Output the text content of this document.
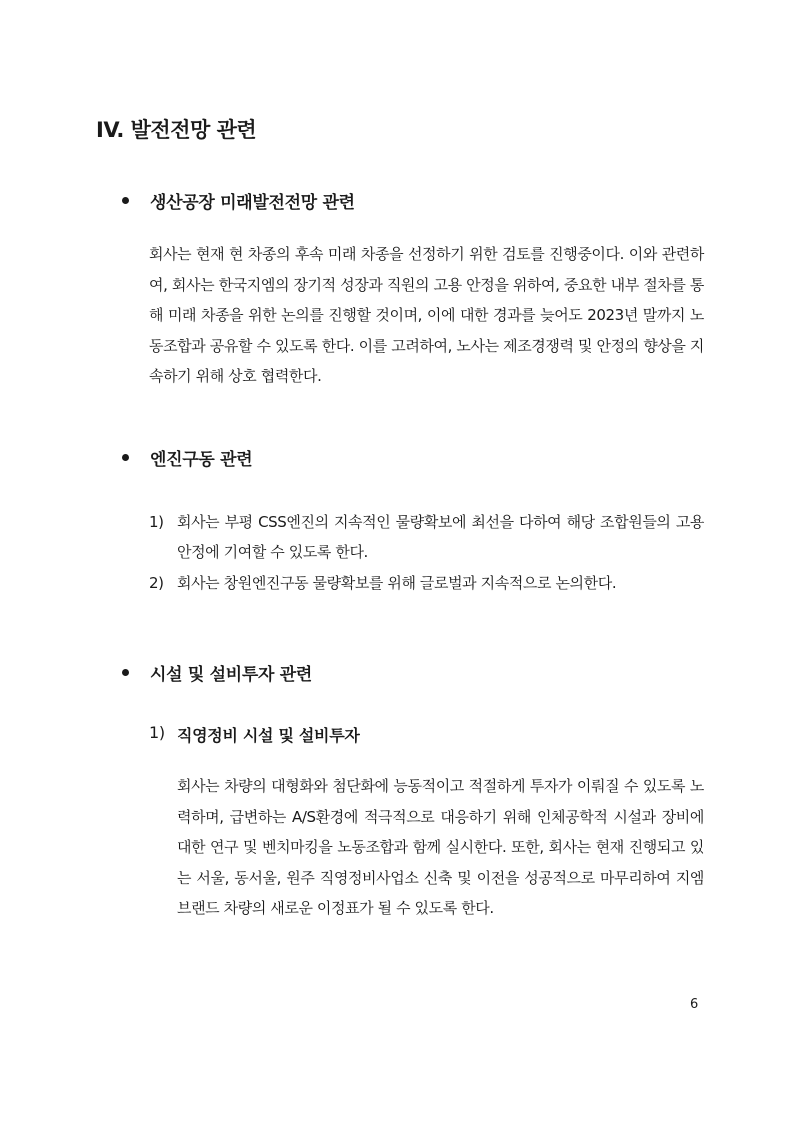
IV. 발전전망 관련
생산공장 미래발전전망 관련

회사는 현재 현 차종의 후속 미래 차종을 선정하기 위한 검토를 진행중이다. 이와 관련하여, 회사는 한국지엠의 장기적 성장과 직원의 고용 안정을 위하여, 중요한 내부 절차를 통해 미래 차종을 위한 논의를 진행할 것이며, 이에 대한 경과를 늦어도 2023년 말까지 노동조합과 공유할 수 있도록 한다. 이를 고려하여, 노사는 제조경쟁력 및 안정의 향상을 지속하기 위해 상호 협력한다.

엔진구동 관련
1) 회사는 부평 CSS엔진의 지속적인 물량확보에 최선을 다하여 해당 조합원들의 고용안정에 기여할 수 있도록 한다.
2) 회사는 창원엔진구동 물량확보를 위해 글로벌과 지속적으로 논의한다.
시설 및 설비투자 관련
1) 직영정비 시설 및 설비투자

회사는 차량의 대형화와 첨단화에 능동적이고 적절하게 투자가 이뤄질 수 있도록 노력하며, 급변하는 A/S환경에 적극적으로 대응하기 위해 인체공학적 시설과 장비에 대한 연구 및 벤치마킹을 노동조합과 함께 실시한다. 또한, 회사는 현재 진행되고 있는 서울, 동서울, 원주 직영정비사업소 신축 및 이전을 성공적으로 마무리하여 지엠 브랜드 차량의 새로운 이정표가 될 수 있도록 한다.

6
